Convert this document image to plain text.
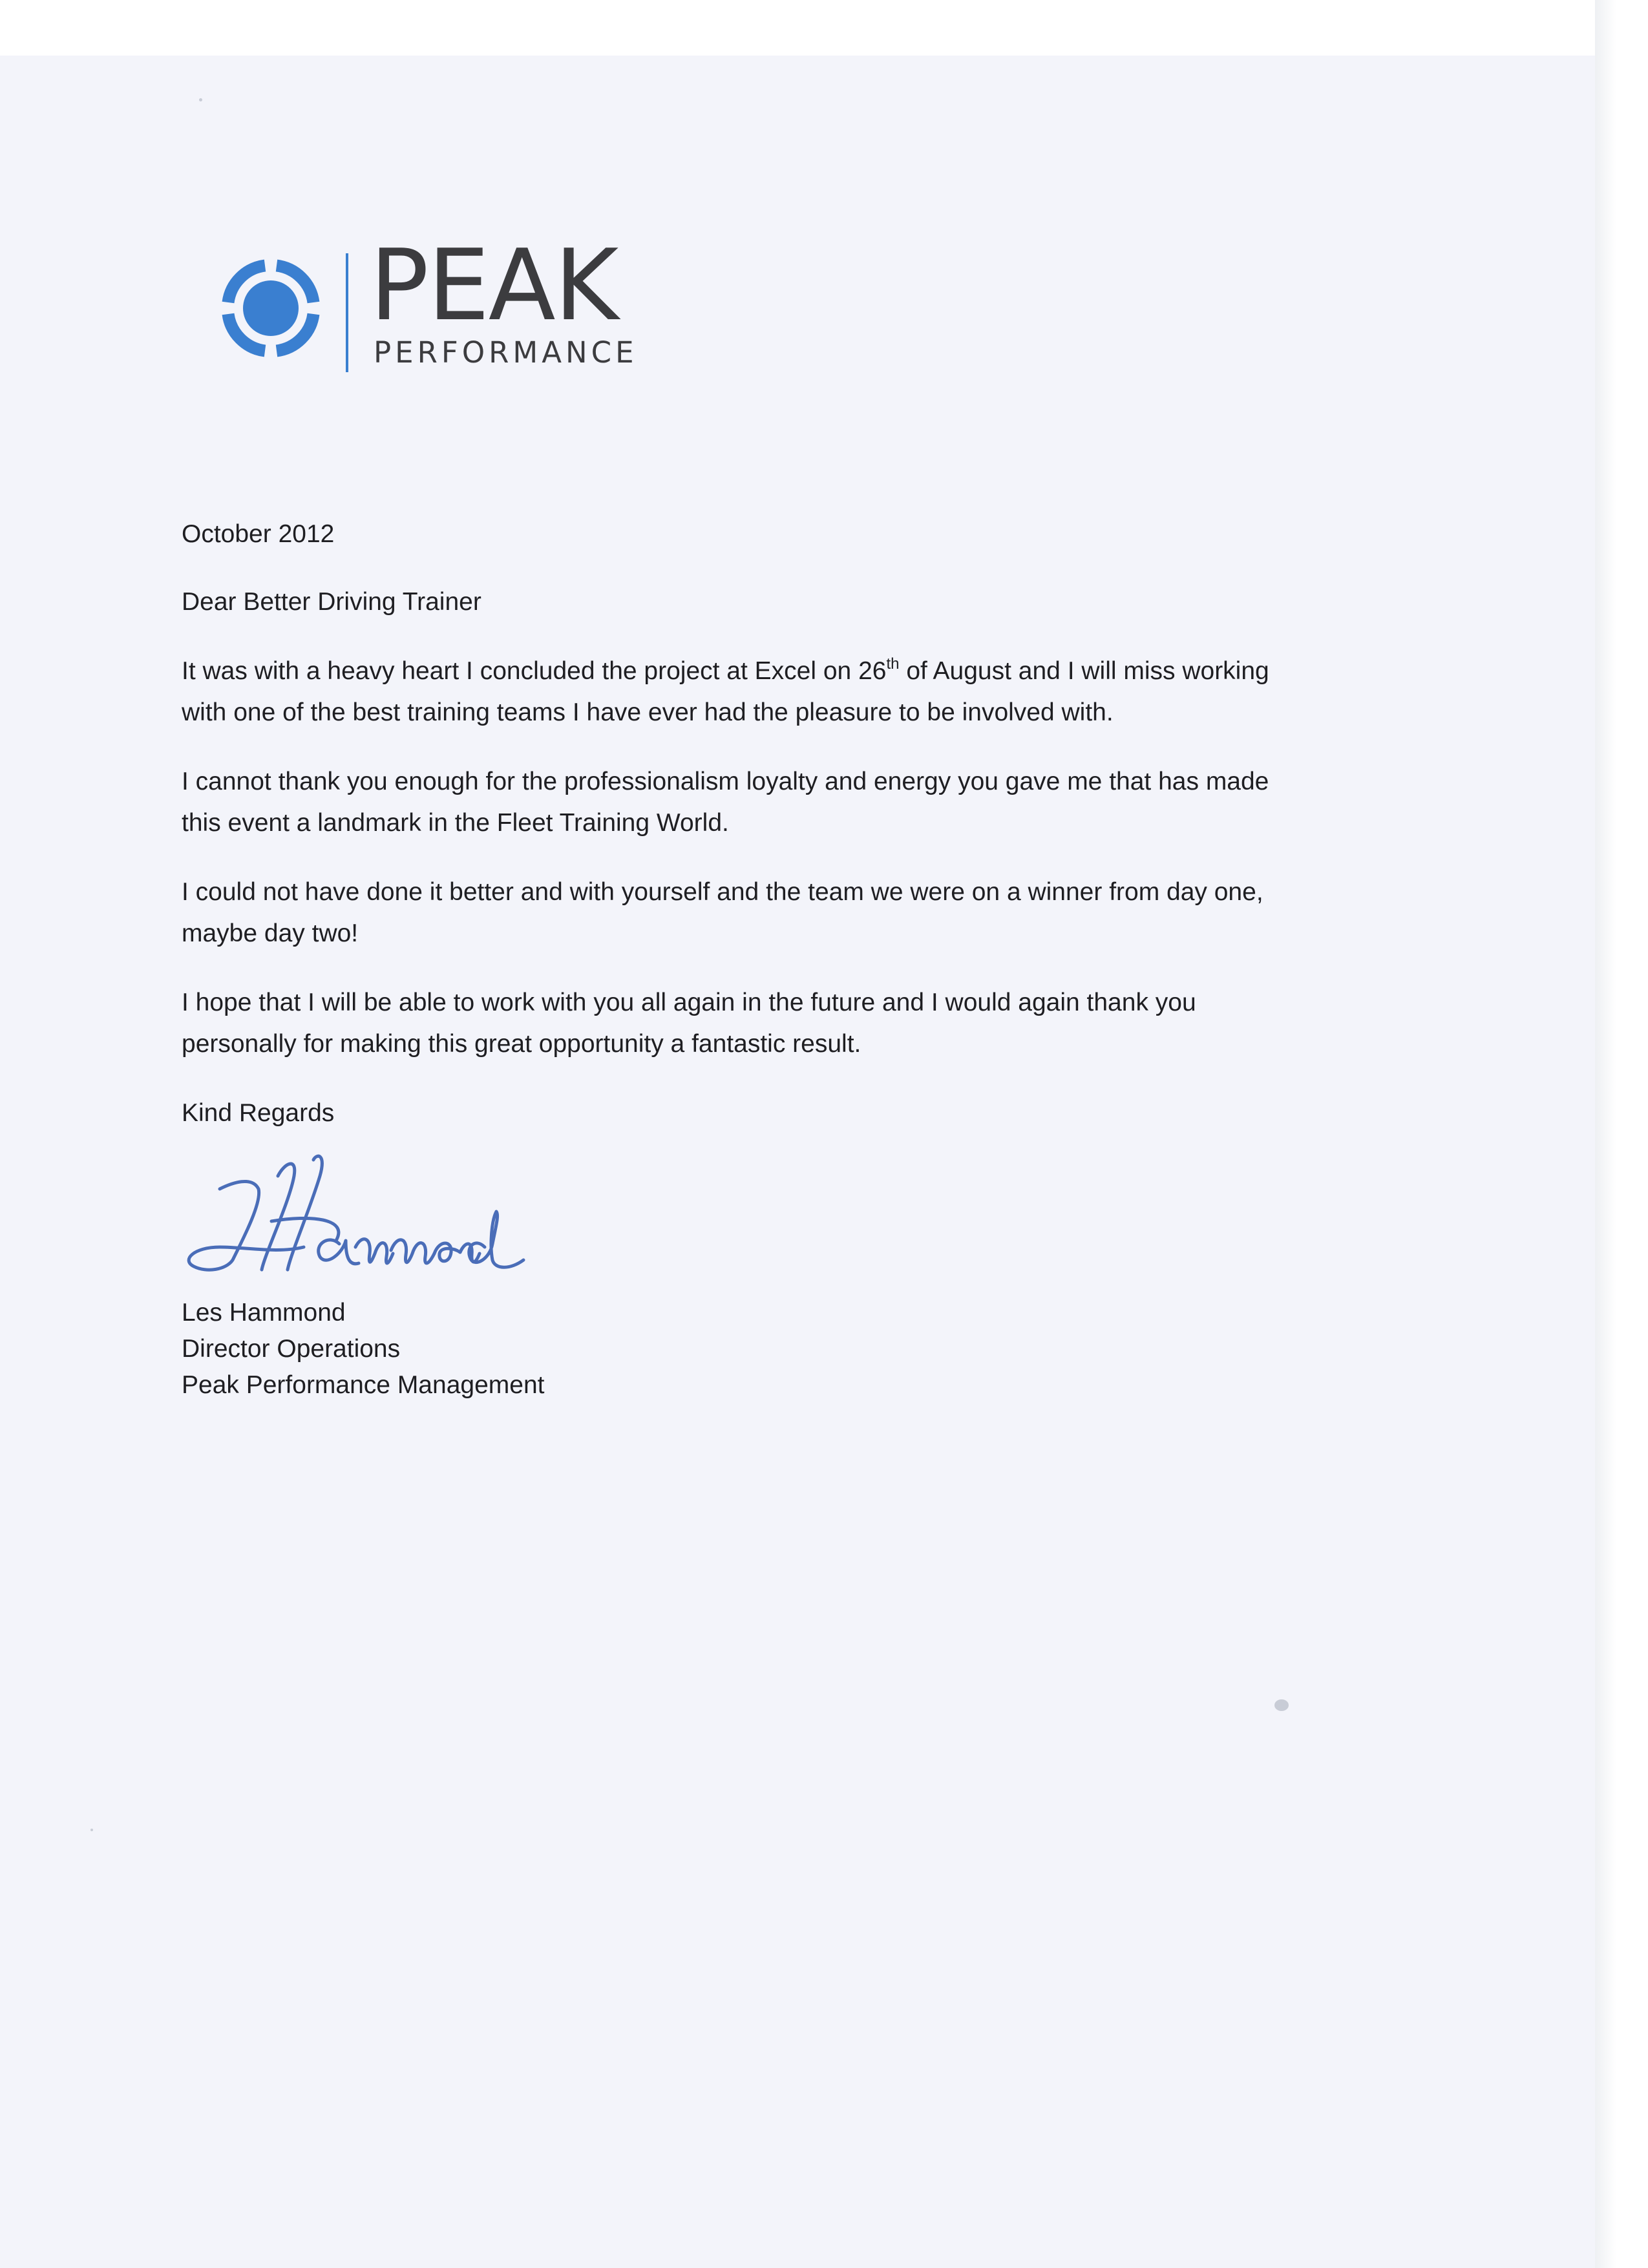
PEAK
PERFORMANCE

October 2012

Dear Better Driving Trainer

It was with a heavy heart I concluded the project at Excel on 26th of August and I will miss working

with one of the best training teams I have ever had the pleasure to be involved with.

I cannot thank you enough for the professionalism loyalty and energy you gave me that has made

this event a landmark in the Fleet Training World.

I could not have done it better and with yourself and the team we were on a winner from day one,

maybe day two!

I hope that I will be able to work with you all again in the future and I would again thank you

personally for making this great opportunity a fantastic result.

Kind Regards

Les Hammond
Director Operations
Peak Performance Management
